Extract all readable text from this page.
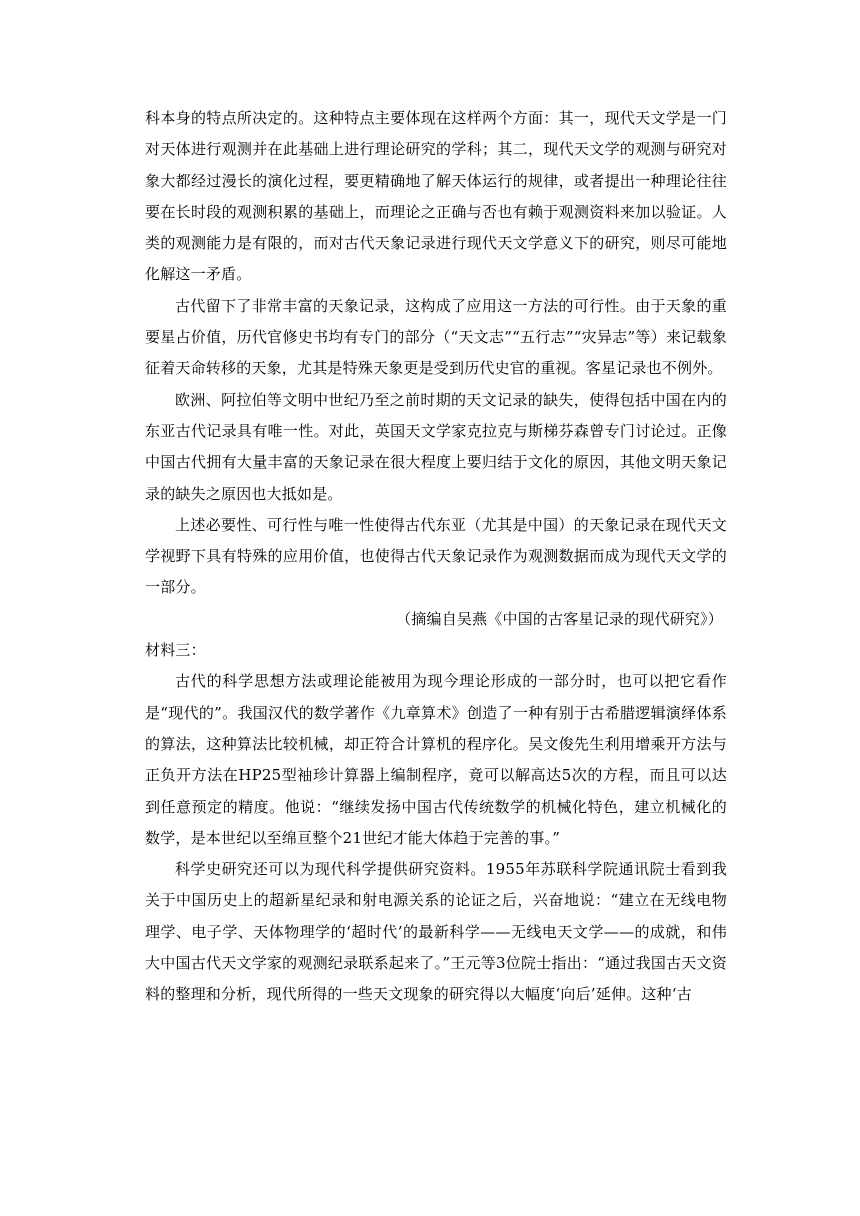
科本身的特点所决定的。这种特点主要体现在这样两个方面：其一，现代天文学是一门对天体进行观测并在此基础上进行理论研究的学科；其二，现代天文学的观测与研究对象大都经过漫长的演化过程，要更精确地了解天体运行的规律，或者提出一种理论往往要在长时段的观测积累的基础上，而理论之正确与否也有赖于观测资料来加以验证。人类的观测能力是有限的，而对古代天象记录进行现代天文学意义下的研究，则尽可能地化解这一矛盾。

古代留下了非常丰富的天象记录，这构成了应用这一方法的可行性。由于天象的重要星占价值，历代官修史书均有专门的部分（“天文志”“五行志”“灾异志”等）来记载象征着天命转移的天象，尤其是特殊天象更是受到历代史官的重视。客星记录也不例外。

欧洲、阿拉伯等文明中世纪乃至之前时期的天文记录的缺失，使得包括中国在内的东亚古代记录具有唯一性。对此，英国天文学家克拉克与斯梯芬森曾专门讨论过。正像中国古代拥有大量丰富的天象记录在很大程度上要归结于文化的原因，其他文明天象记录的缺失之原因也大抵如是。

上述必要性、可行性与唯一性使得古代东亚（尤其是中国）的天象记录在现代天文学视野下具有特殊的应用价值，也使得古代天象记录作为观测数据而成为现代天文学的一部分。

（摘编自吴燕《中国的古客星记录的现代研究》）

材料三：

古代的科学思想方法或理论能被用为现今理论形成的一部分时，也可以把它看作是“现代的”。我国汉代的数学著作《九章算术》创造了一种有别于古希腊逻辑演绎体系的算法，这种算法比较机械，却正符合计算机的程序化。吴文俊先生利用增乘开方法与正负开方法在HP25型袖珍计算器上编制程序，竟可以解高达5次的方程，而且可以达到任意预定的精度。他说：“继续发扬中国古代传统数学的机械化特色，建立机械化的数学，是本世纪以至绵亘整个21世纪才能大体趋于完善的事。”

科学史研究还可以为现代科学提供研究资料。1955年苏联科学院通讯院士看到我关于中国历史上的超新星纪录和射电源关系的论证之后，兴奋地说：“建立在无线电物理学、电子学、天体物理学的‘超时代’的最新科学——无线电天文学——的成就，和伟大中国古代天文学家的观测纪录联系起来了。”王元等3位院士指出：“通过我国古天文资料的整理和分析，现代所得的一些天文现象的研究得以大幅度‘向后’延伸。这种‘古
